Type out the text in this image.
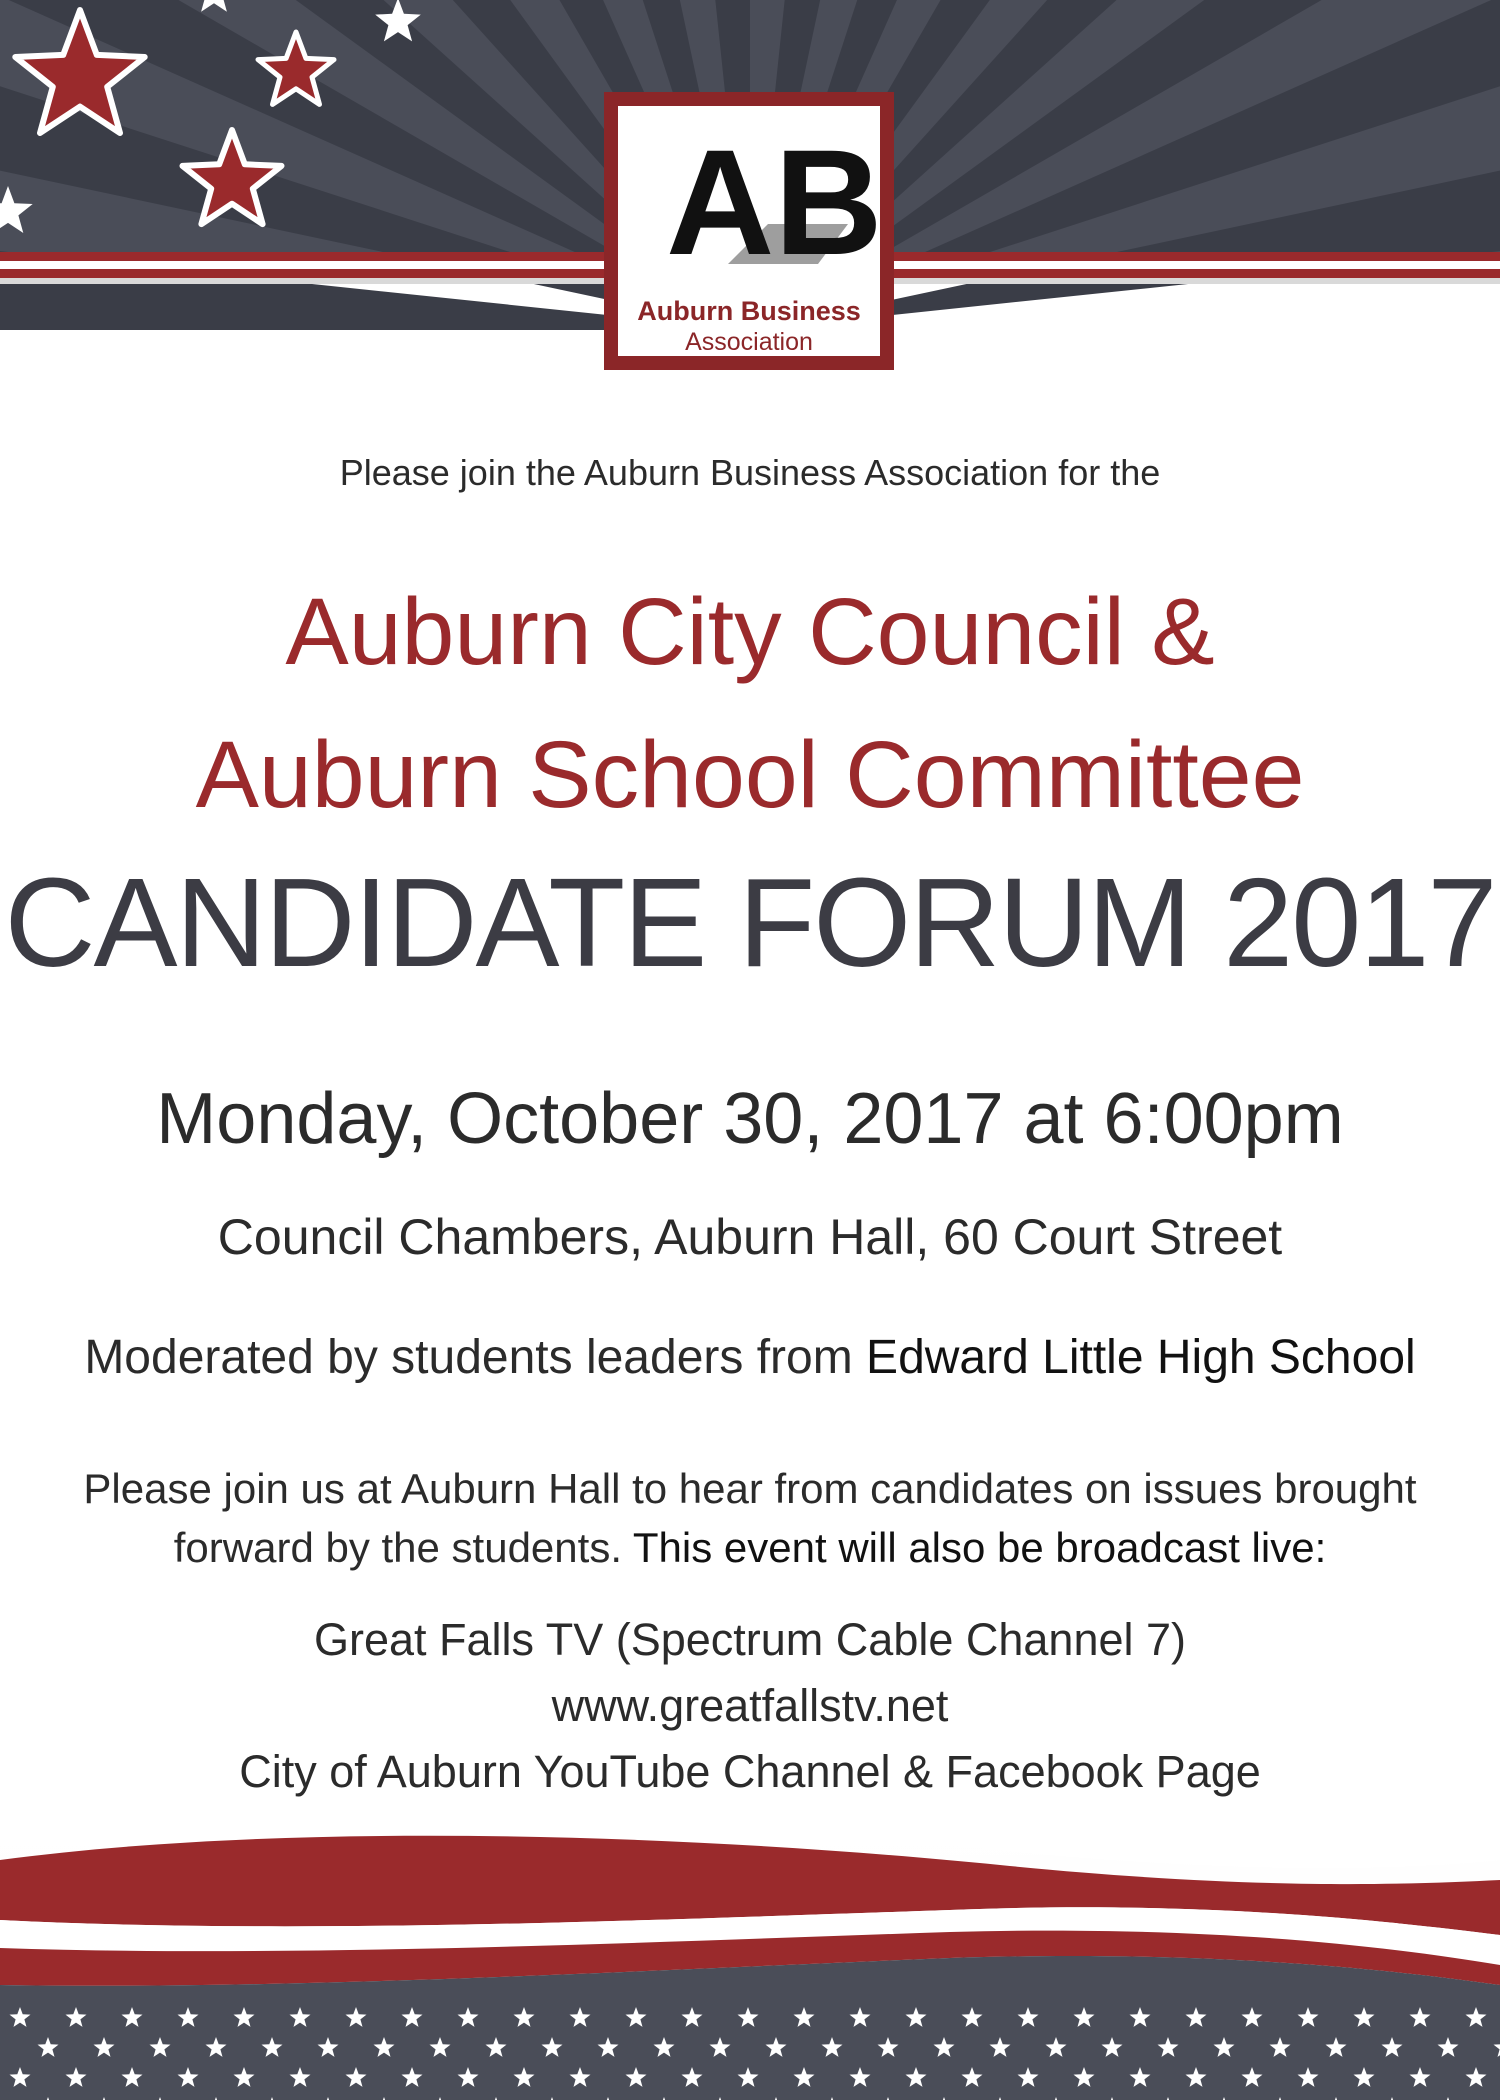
AB
Auburn Business
Association
Please join the Auburn Business Association for the
Auburn City Council &
Auburn School Committee
CANDIDATE FORUM 2017
Monday, October 30, 2017 at 6:00pm
Council Chambers, Auburn Hall, 60 Court Street
Moderated by students leaders from Edward Little High School
Please join us at Auburn Hall to hear from candidates on issues brought
forward by the students. This event will also be broadcast live:
Great Falls TV (Spectrum Cable Channel 7)
www.greatfallstv.net
City of Auburn YouTube Channel & Facebook Page
